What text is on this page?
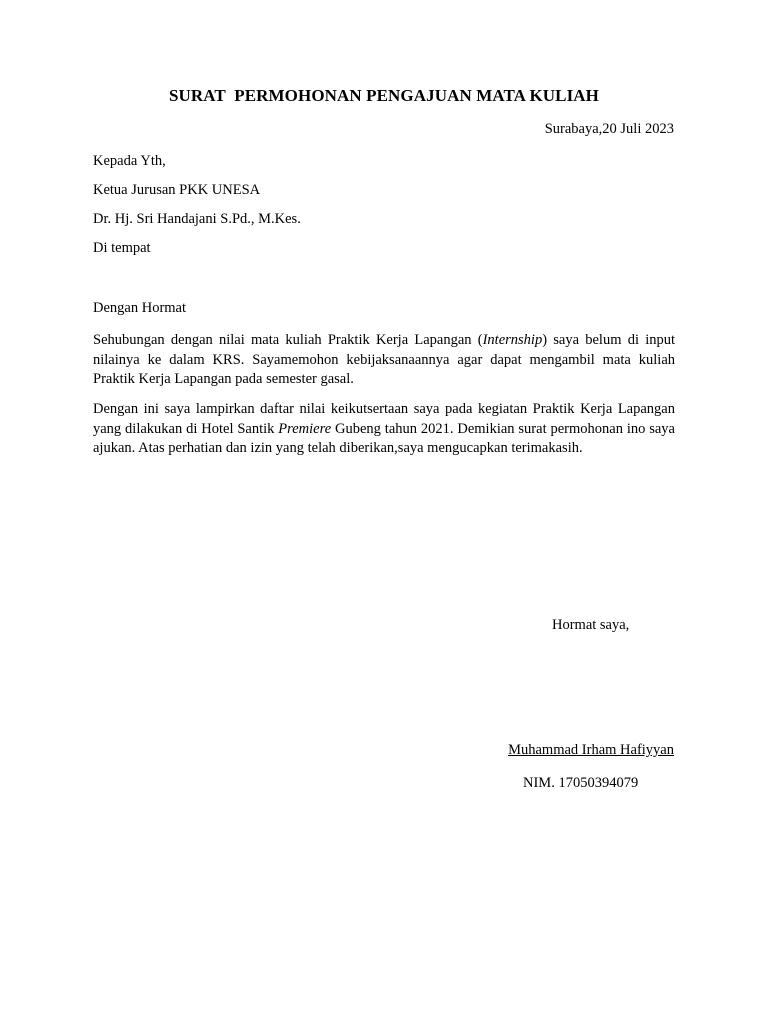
SURAT  PERMOHONAN PENGAJUAN MATA KULIAH
Surabaya,20 Juli 2023
Kepada Yth,
Ketua Jurusan PKK UNESA
Dr. Hj. Sri Handajani S.Pd., M.Kes.
Di tempat
Dengan Hormat
Sehubungan dengan nilai mata kuliah Praktik Kerja Lapangan (Internship) saya belum di input nilainya ke dalam KRS. Sayamemohon kebijaksanaannya agar dapat mengambil mata kuliah Praktik Kerja Lapangan pada semester gasal.
Dengan ini saya lampirkan daftar nilai keikutsertaan saya pada kegiatan Praktik Kerja Lapangan yang dilakukan di Hotel Santik Premiere Gubeng tahun 2021. Demikian surat permohonan ino saya ajukan. Atas perhatian dan izin yang telah diberikan,saya mengucapkan terimakasih.
Hormat saya,
Muhammad Irham Hafiyyan
NIM. 17050394079
